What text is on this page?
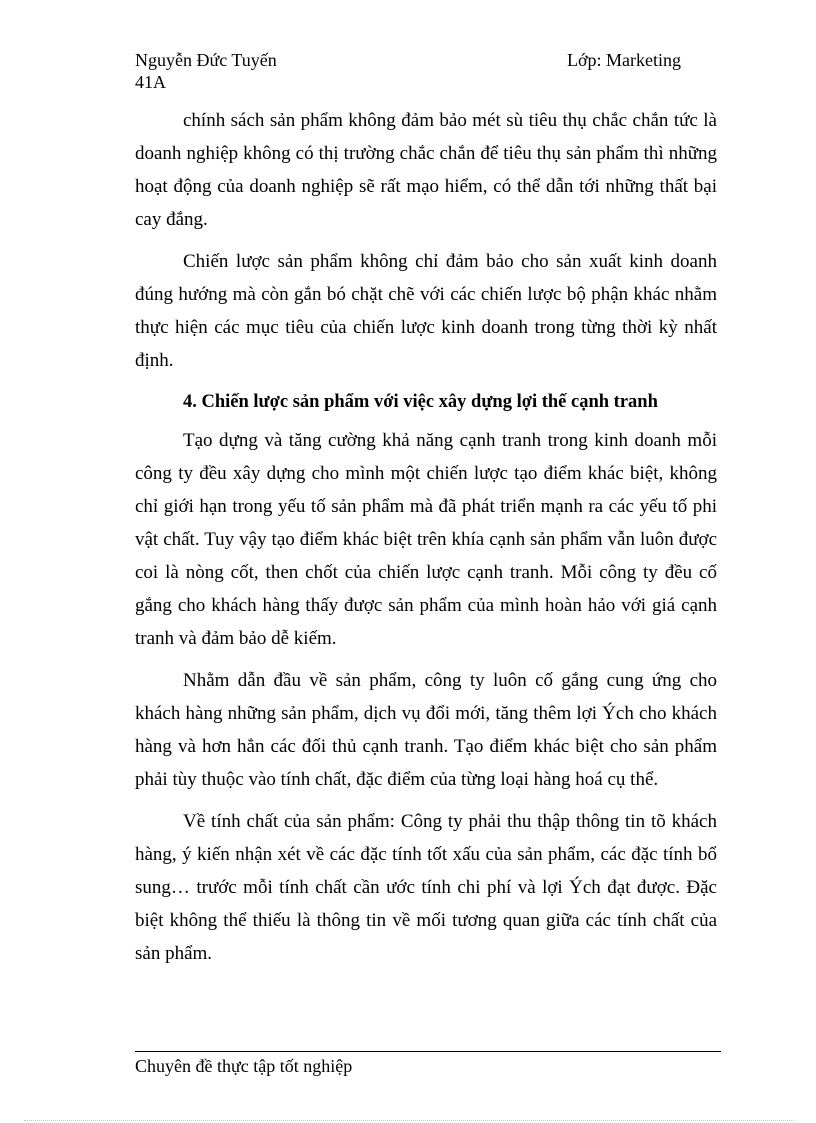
Nguyễn Đức Tuyến	Lớp: Marketing
41A

chính sách sản phẩm không đảm bảo mét sù tiêu thụ chắc chắn tức là doanh nghiệp không có thị trường chắc chắn để tiêu thụ sản phẩm thì những hoạt động của doanh nghiệp sẽ rất mạo hiểm, có thể dẫn tới những thất bại cay đắng.

Chiến lược sản phẩm không chỉ đảm bảo cho sản xuất kinh doanh đúng hướng mà còn gắn bó chặt chẽ với các chiến lược bộ phận khác nhằm thực hiện các mục tiêu của chiến lược kinh doanh trong từng thời kỳ nhất định.

4. Chiến lược sản phẩm với việc xây dựng lợi thế cạnh tranh

Tạo dựng và tăng cường khả năng cạnh tranh trong kinh doanh mỗi công ty đều xây dựng cho mình một chiến lược tạo điểm khác biệt, không chỉ giới hạn trong yếu tố sản phẩm mà đã phát triển mạnh ra các yếu tố phi vật chất. Tuy vậy tạo điểm khác biệt trên khía cạnh sản phẩm vẫn luôn được coi là nòng cốt, then chốt của chiến lược cạnh tranh. Mỗi công ty đều cố gắng cho khách hàng thấy được sản phẩm của mình hoàn hảo với giá cạnh tranh và đảm bảo dễ kiếm.

Nhằm dẫn đầu về sản phẩm, công ty luôn cố gắng cung ứng cho khách hàng những sản phẩm, dịch vụ đổi mới, tăng thêm lợi Ých cho khách hàng và hơn hẳn các đối thủ cạnh tranh. Tạo điểm khác biệt cho sản phẩm phải tùy thuộc vào tính chất, đặc điểm của từng loại hàng hoá cụ thể.

Về tính chất của sản phẩm: Công ty phải thu thập thông tin tõ khách hàng, ý kiến nhận xét về các đặc tính tốt xấu của sản phẩm, các đặc tính bổ sung… trước mỗi tính chất cần ước tính chi phí và lợi Ých đạt được. Đặc biệt không thể thiếu là thông tin về mối tương quan giữa các tính chất của sản phẩm.

Chuyên đề thực tập tốt nghiệp
